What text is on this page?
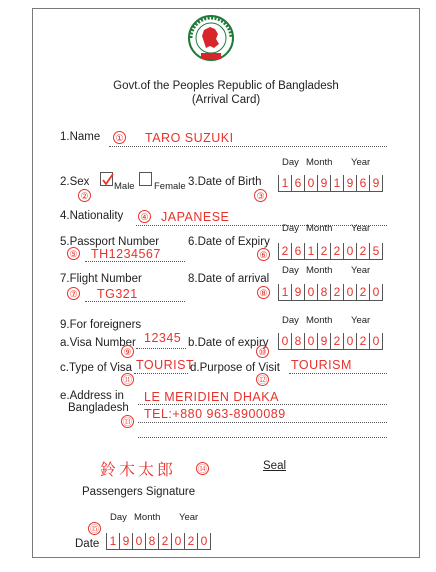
Govt.of the Peoples Republic of Bangladesh
(Arrival Card)
1.Name ① TARO SUZUKI
2.Sex	Male Female
②
3.Date of Birth
Day Month Year
1 6 0 9 1 9 6 9
③
4.Nationality ④ JAPANESE
5.Passport Number
⑤ TH1234567
6.Date of Expiry
Day Month Year
2 6 1 2 2 0 2 5
⑥
7.Flight Number
⑦ TG321
8.Date of arrival
Day Month Year
1 9 0 8 2 0 2 0
⑧
9.For foreigners
a.Visa Number 12345
⑨
b.Date of expiry
Day Month Year
0 8 0 9 2 0 2 0
⑩
c.Type of Visa TOURIST
⑪
d.Purpose of Visit TOURISM
⑫
e.Address in
Bangladesh
LE MERIDIEN DHAKA
TEL:+880 963-8900089
⑬
鈴木太郎 ⑭	Seal
Passengers Signature
⑮
Day Month Year
Date 1 9 0 8 2 0 2 0
